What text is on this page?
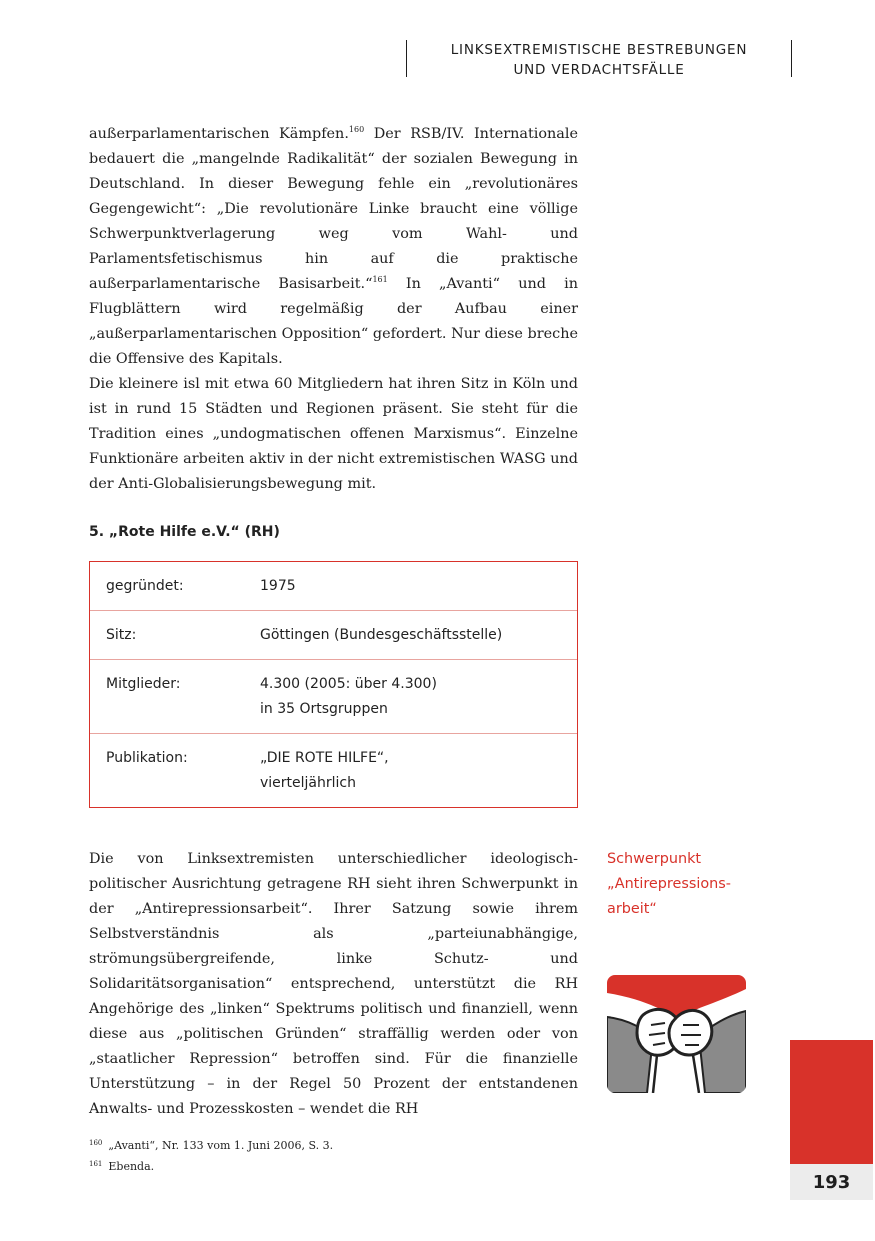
LINKSEXTREMISTISCHE BESTREBUNGEN
UND VERDACHTSFÄLLE

außerparlamentarischen Kämpfen.$^{160}$ Der RSB/IV. Internationale bedauert die „mangelnde Radikalität“ der sozialen Bewegung in Deutschland. In dieser Bewegung fehle ein „revolutionäres Gegengewicht“: „Die revolutionäre Linke braucht eine völlige Schwerpunktverlagerung weg vom Wahl- und Parlamentsfetischismus hin auf die praktische außerparlamentarische Basisarbeit.“$^{161}$ In „Avanti“ und in Flugblättern wird regelmäßig der Aufbau einer „außerparlamentarischen Opposition“ gefordert. Nur diese breche die Offensive des Kapitals.

Die kleinere isl mit etwa 60 Mitgliedern hat ihren Sitz in Köln und ist in rund 15 Städten und Regionen präsent. Sie steht für die Tradition eines „undogmatischen offenen Marxismus“. Einzelne Funktionäre arbeiten aktiv in der nicht extremistischen WASG und der Anti-Globalisierungsbewegung mit.

5. „Rote Hilfe e.V.“ (RH)
gegründet:	1975
Sitz:	Göttingen (Bundesgeschäftsstelle)
Mitglieder:	4.300 (2005: über 4.300)
in 35 Ortsgruppen
Publikation:	„DIE ROTE HILFE“,
vierteljährlich

Die von Linksextremisten unterschiedlicher ideologisch-politischer Ausrichtung getragene RH sieht ihren Schwerpunkt in der „Antirepressionsarbeit“. Ihrer Satzung sowie ihrem Selbstverständnis als „parteiunabhängige, strömungsübergreifende, linke Schutz- und Solidaritätsorganisation“ entsprechend, unterstützt die RH Angehörige des „linken“ Spektrums politisch und finanziell, wenn diese aus „politischen Gründen“ straffällig werden oder von „staatlicher Repression“ betroffen sind. Für die finanzielle Unterstützung – in der Regel 50 Prozent der entstandenen Anwalts- und Prozesskosten – wendet die RH

Schwerpunkt
„Antirepressions-
arbeit“
$^{160}$ „Avanti“, Nr. 133 vom 1. Juni 2006, S. 3.
$^{161}$ Ebenda.
193
